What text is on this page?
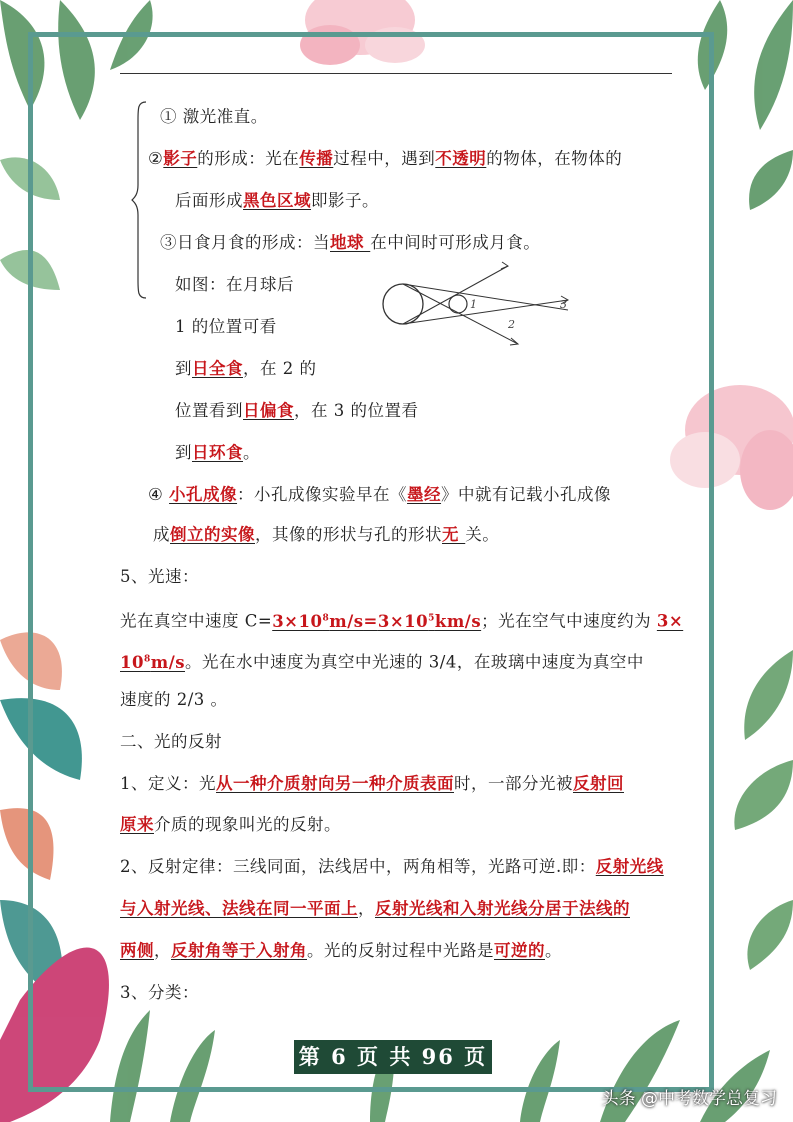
① 激光准直。
②影子的形成：光在传播过程中，遇到不透明的物体，在物体的
后面形成黑色区域即影子。
③日食月食的形成：当地球 在中间时可形成月食。
如图：在月球后
1 的位置可看
到日全食，在 2 的
位置看到日偏食，在 3 的位置看
到日环食。
1
2
3
④ 小孔成像：小孔成像实验早在《墨经》中就有记载小孔成像
成倒立的实像，其像的形状与孔的形状无 关。
5、光速：
光在真空中速度 $C=3\times 10^8m/s=3\times 10^5km/s$；光在空气中速度约为 3×
$10^8m/s$。光在水中速度为真空中光速的 3/4，在玻璃中速度为真空中
速度的 2/3 。
二、光的反射
1、定义：光从一种介质射向另一种介质表面时，一部分光被反射回
原来介质的现象叫光的反射。
2、反射定律：三线同面，法线居中，两角相等，光路可逆.即：反射光线
与入射光线、法线在同一平面上，反射光线和入射光线分居于法线的
两侧，反射角等于入射角。光的反射过程中光路是可逆的。
3、分类：
第 6 页 共 96 页
头条 @中考数学总复习
